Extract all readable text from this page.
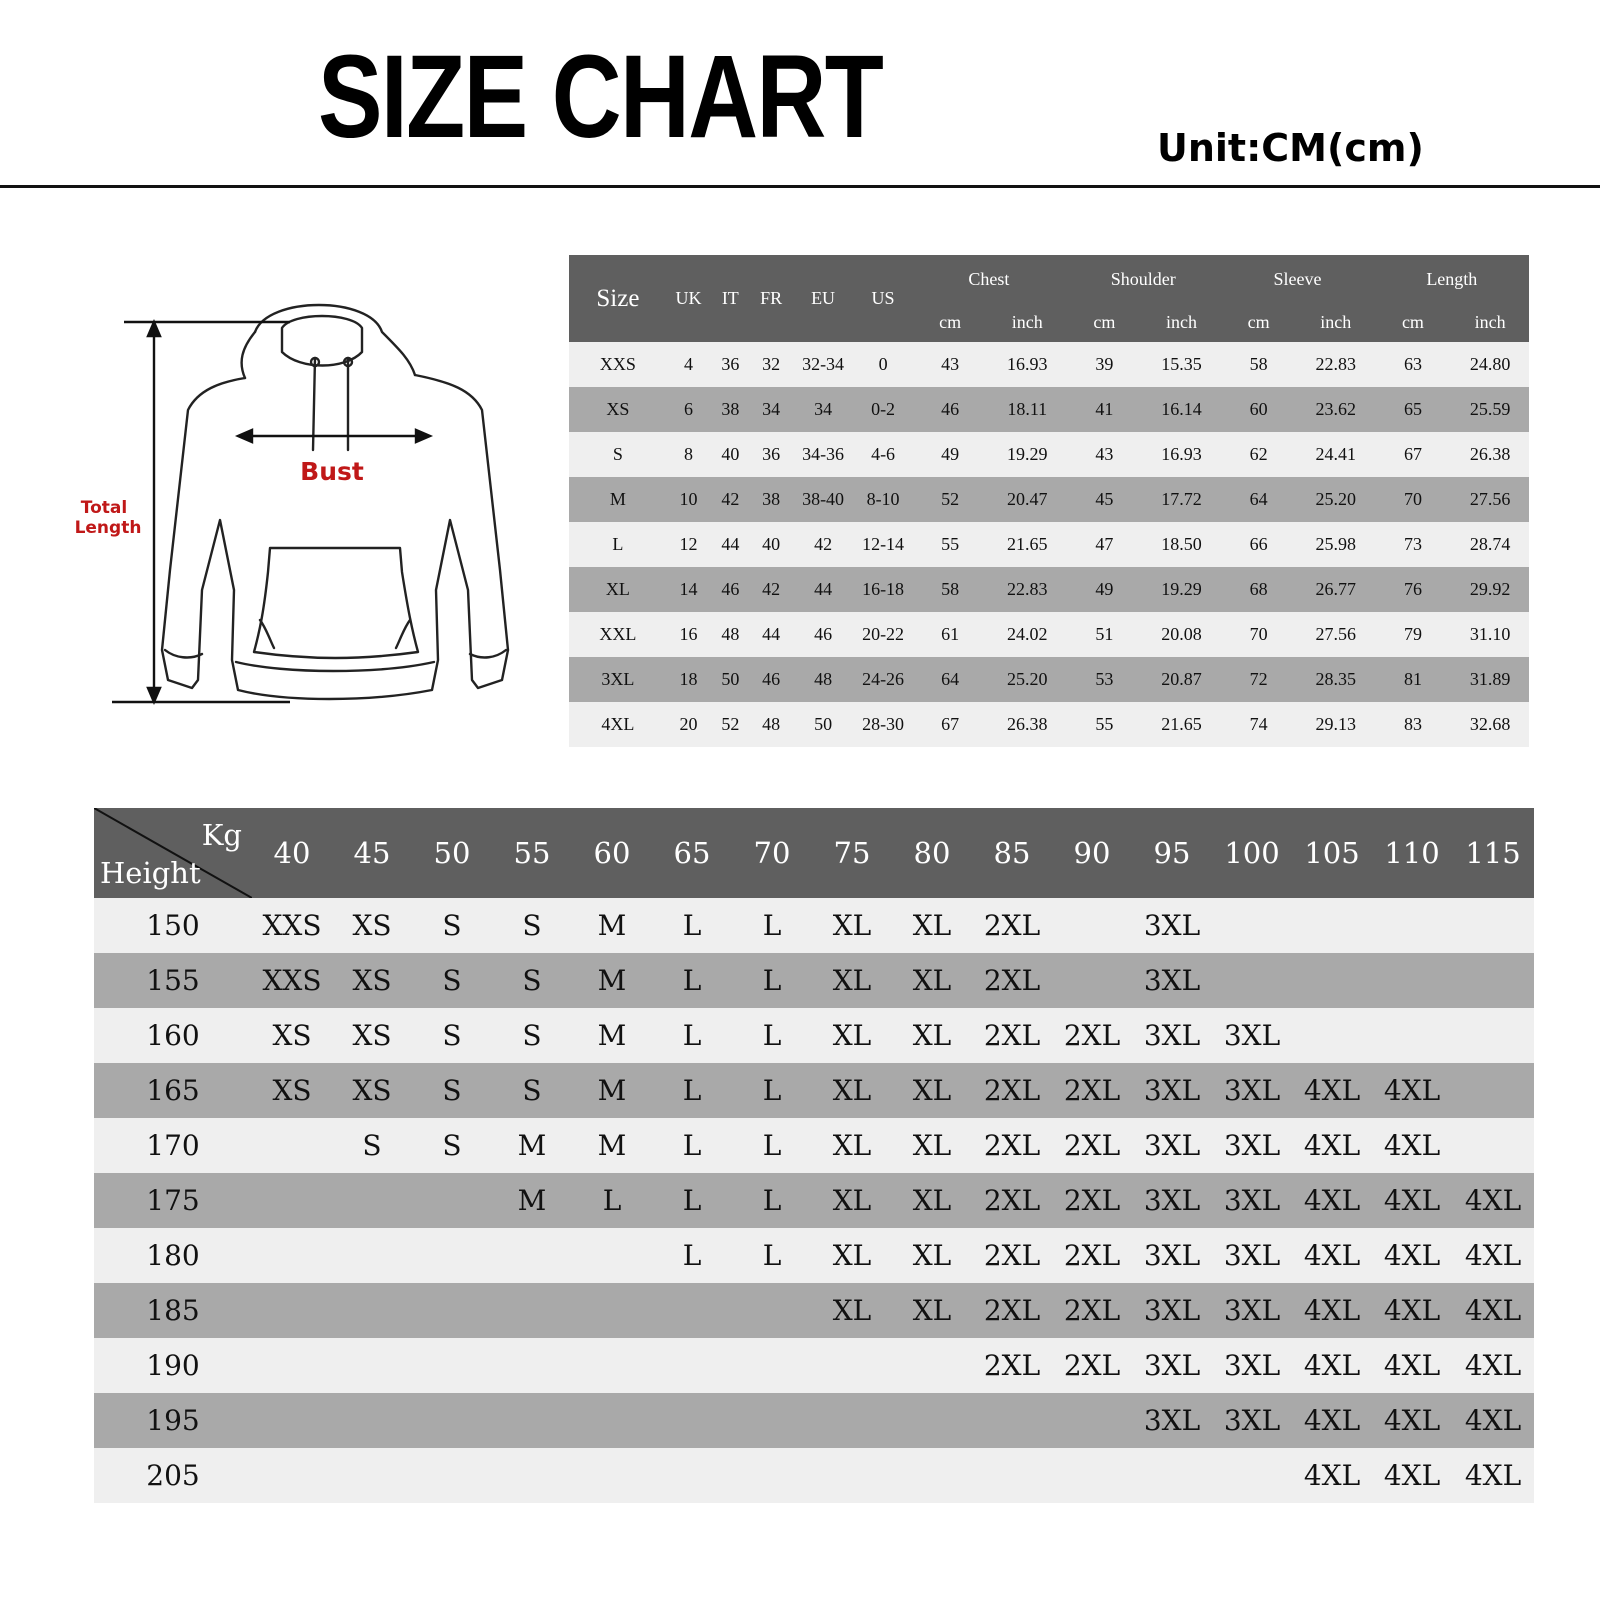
SIZE CHART	Unit:CM(cm)
Bust
Total
Length
Size	UK	IT	FR	EU	US	Chest		Shoulder		Sleeve		Length	
						cm	inch	cm	inch	cm	inch	cm	inch
XXS	4	36	32	32-34	0	43	16.93	39	15.35	58	22.83	63	24.80
XS	6	38	34	34	0-2	46	18.11	41	16.14	60	23.62	65	25.59
S	8	40	36	34-36	4-6	49	19.29	43	16.93	62	24.41	67	26.38
M	10	42	38	38-40	8-10	52	20.47	45	17.72	64	25.20	70	27.56
L	12	44	40	42	12-14	55	21.65	47	18.50	66	25.98	73	28.74
XL	14	46	42	44	16-18	58	22.83	49	19.29	68	26.77	76	29.92
XXL	16	48	44	46	20-22	61	24.02	51	20.08	70	27.56	79	31.10
3XL	18	50	46	48	24-26	64	25.20	53	20.87	72	28.35	81	31.89
4XL	20	52	48	50	28-30	67	26.38	55	21.65	74	29.13	83	32.68
Kg
Height	40	45	50	55	60	65	70	75	80	85	90	95	100	105	110	115
150	XXS	XS	S	S	M	L	L	XL	XL	2XL		3XL				
155	XXS	XS	S	S	M	L	L	XL	XL	2XL		3XL				
160	XS	XS	S	S	M	L	L	XL	XL	2XL	2XL	3XL	3XL			
165	XS	XS	S	S	M	L	L	XL	XL	2XL	2XL	3XL	3XL	4XL	4XL	
170		S	S	M	M	L	L	XL	XL	2XL	2XL	3XL	3XL	4XL	4XL	
175				M	L	L	L	XL	XL	2XL	2XL	3XL	3XL	4XL	4XL	4XL
180						L	L	XL	XL	2XL	2XL	3XL	3XL	4XL	4XL	4XL
185								XL	XL	2XL	2XL	3XL	3XL	4XL	4XL	4XL
190										2XL	2XL	3XL	3XL	4XL	4XL	4XL
195												3XL	3XL	4XL	4XL	4XL
205														4XL	4XL	4XL
